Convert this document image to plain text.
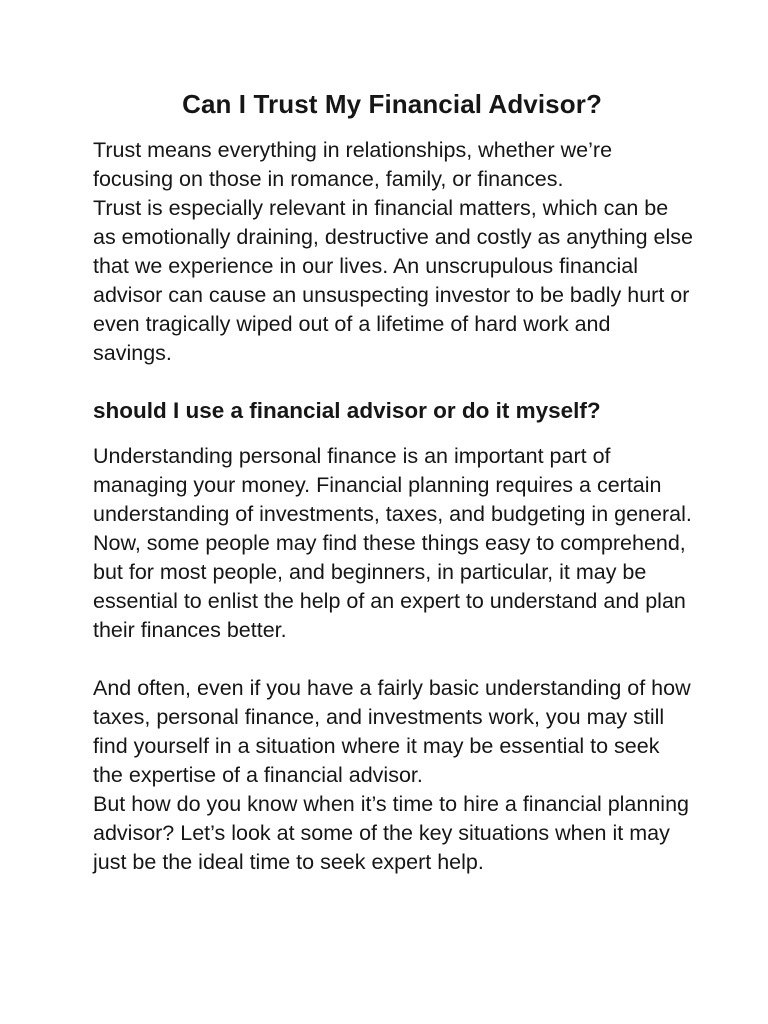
Can I Trust My Financial Advisor?

Trust means everything in relationships, whether we’re focusing on those in romance, family, or finances.

Trust is especially relevant in financial matters, which can be as emotionally draining, destructive and costly as anything else that we experience in our lives. An unscrupulous financial advisor can cause an unsuspecting investor to be badly hurt or even tragically wiped out of a lifetime of hard work and savings.

should I use a financial advisor or do it myself?

Understanding personal finance is an important part of managing your money. Financial planning requires a certain understanding of investments, taxes, and budgeting in general. Now, some people may find these things easy to comprehend, but for most people, and beginners, in particular, it may be essential to enlist the help of an expert to understand and plan their finances better.

And often, even if you have a fairly basic understanding of how taxes, personal finance, and investments work, you may still find yourself in a situation where it may be essential to seek the expertise of a financial advisor.

But how do you know when it’s time to hire a financial planning advisor? Let’s look at some of the key situations when it may just be the ideal time to seek expert help.
